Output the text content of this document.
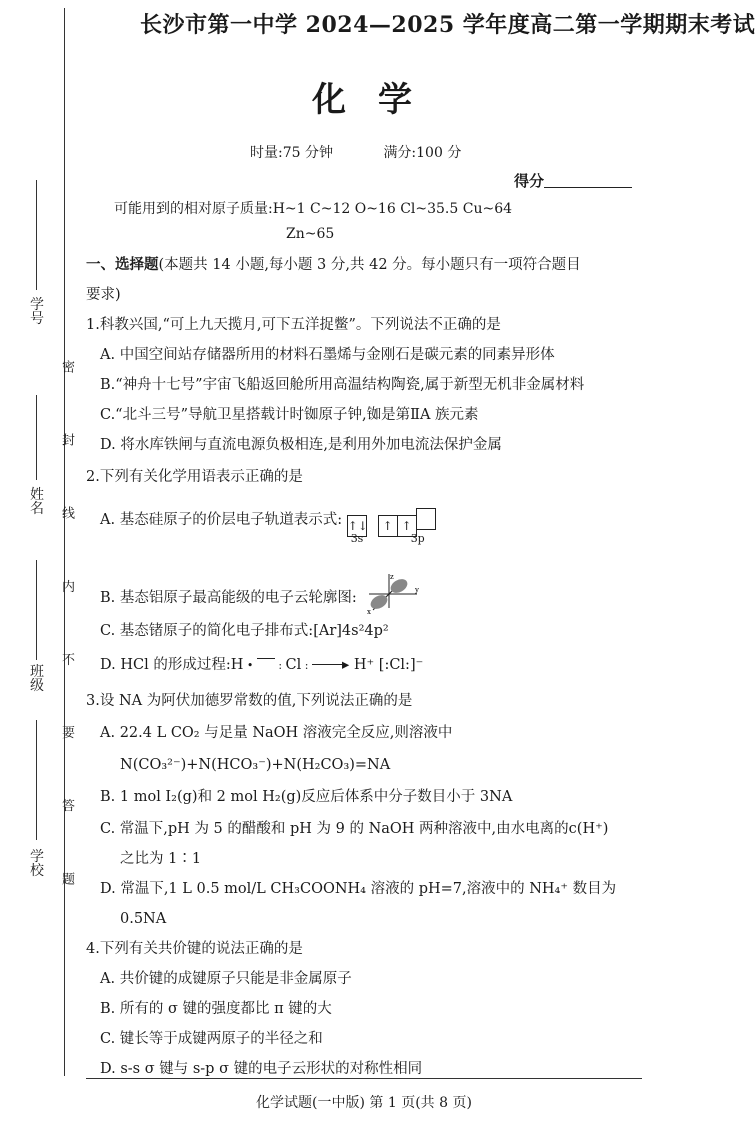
学号
姓名
班级
学校 密 封 线 内 不 要 答 题
长沙市第一中学 2024—2025 学年度高二第一学期期末考试
化学
时量:75 分钟	满分:100 分
得分
可能用到的相对原子质量:H~1 C~12 O~16 Cl~35.5 Cu~64
Zn~65
一、选择题(本题共 14 小题,每小题 3 分,共 42 分。每小题只有一项符合题目
要求)
1.科教兴国,“可上九天揽月,可下五洋捉鳖”。下列说法不正确的是
A. 中国空间站存储器所用的材料石墨烯与金刚石是碳元素的同素异形体
B.“神舟十七号”宇宙飞船返回舱所用高温结构陶瓷,属于新型无机非金属材料
C.“北斗三号”导航卫星搭载计时铷原子钟,铷是第ⅡA 族元素
D. 将水库铁闸与直流电源负极相连,是利用外加电流法保护金属
2.下列有关化学用语表示正确的是
A. 基态硅原子的价层电子轨道表示式: ↑↓ ↑ ↑
3s	3p
B. 基态铝原子最高能级的电子云轮廓图:
z
y
x
C. 基态锗原子的简化电子排布式:[Ar]4s²4p²
D. HCl 的形成过程:H •  : Cl : ▸ H⁺ [:Cl:]⁻
3.设 NA 为阿伏加德罗常数的值,下列说法正确的是
A. 22.4 L CO₂ 与足量 NaOH 溶液完全反应,则溶液中
N(CO₃²⁻)+N(HCO₃⁻)+N(H₂CO₃)=NA
B. 1 mol I₂(g)和 2 mol H₂(g)反应后体系中分子数目小于 3NA
C. 常温下,pH 为 5 的醋酸和 pH 为 9 的 NaOH 两种溶液中,由水电离的c(H⁺)
之比为 1∶1
D. 常温下,1 L 0.5 mol/L CH₃COONH₄ 溶液的 pH=7,溶液中的 NH₄⁺ 数目为
0.5NA
4.下列有关共价键的说法正确的是
A. 共价键的成键原子只能是非金属原子
B. 所有的 σ 键的强度都比 π 键的大
C. 键长等于成键两原子的半径之和
D. s-s σ 键与 s-p σ 键的电子云形状的对称性相同
化学试题(一中版) 第 1 页(共 8 页)
